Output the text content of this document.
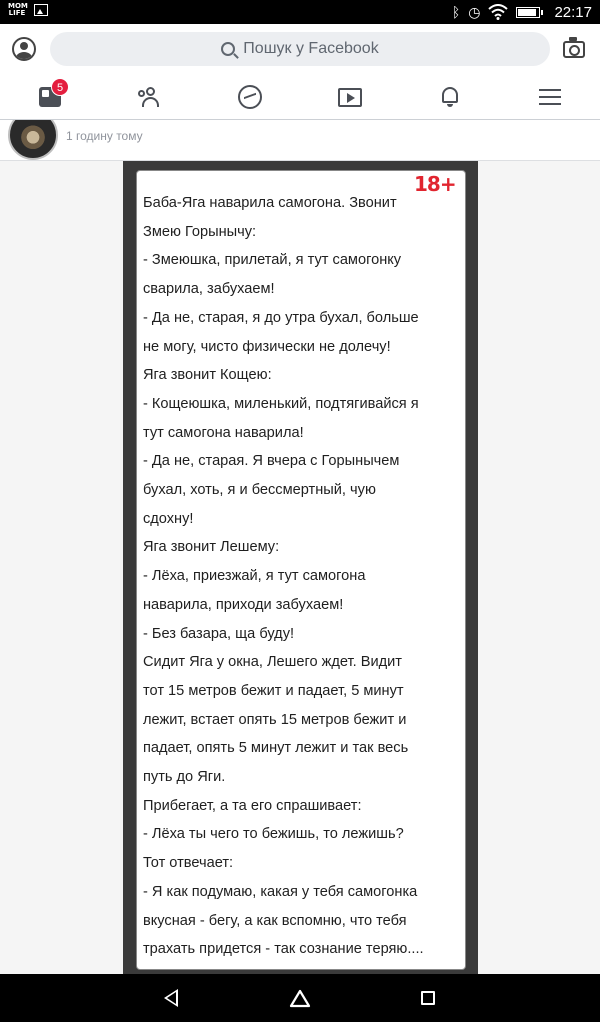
MOM LIFE	ᛒ ◷	22:17
Пошук у Facebook
5
1 годину тому
18+
Баба-Яга наварила самогона. Звонит
Змею Горынычу:
- Змеюшка, прилетай, я тут самогонку
сварила, забухаем!
- Да не, старая, я до утра бухал, больше
не могу, чисто физически не долечу!
Яга звонит Кощею:
- Кощеюшка, миленький, подтягивайся я
тут самогона наварила!
- Да не, старая. Я вчера с Горынычем
бухал, хоть, я и бессмертный, чую
сдохну!
Яга звонит Лешему:
- Лёха, приезжай, я тут самогона
наварила, приходи забухаем!
- Без базара, ща буду!
Сидит Яга у окна, Лешего ждет. Видит
тот 15 метров бежит и падает, 5 минут
лежит, встает опять 15 метров бежит и
падает, опять 5 минут лежит и так весь
путь до Яги.
Прибегает, а та его спрашивает:
- Лёха ты чего то бежишь, то лежишь?
Тот отвечает:
- Я как подумаю, какая у тебя самогонка
вкусная - бегу, а как вспомню, что тебя
трахать придется - так сознание теряю....
